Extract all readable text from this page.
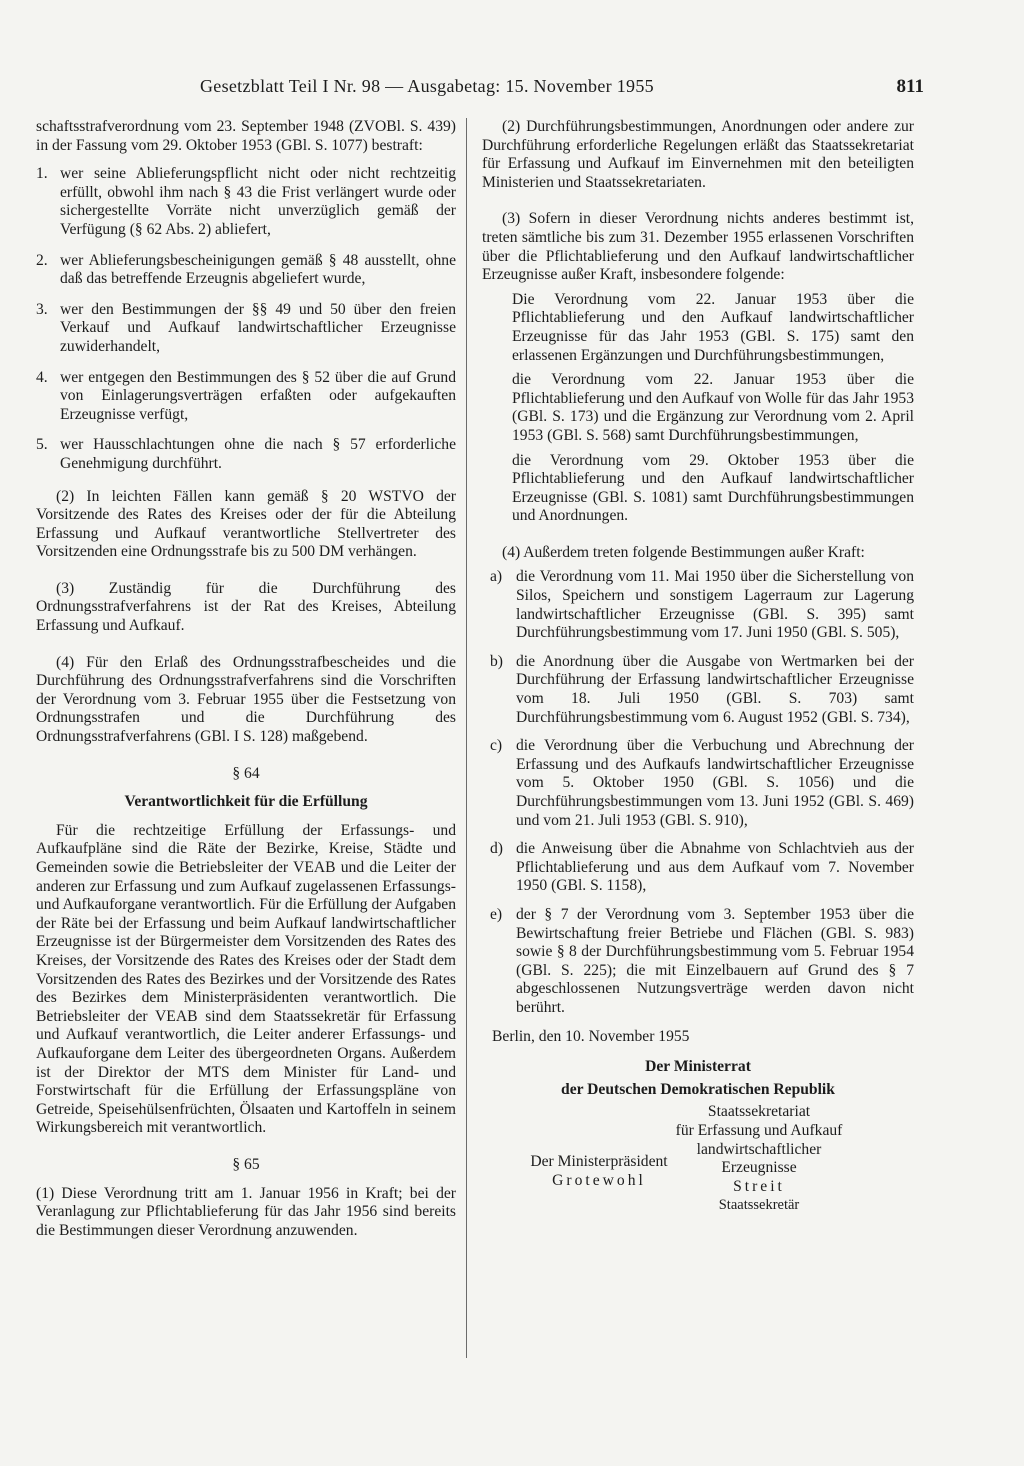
Gesetzblatt Teil I Nr. 98 — Ausgabetag: 15. November 1955	811

schaftsstrafverordnung vom 23. September 1948 (ZVOBl. S. 439) in der Fassung vom 29. Oktober 1953 (GBl. S. 1077) bestraft:

1. wer seine Ablieferungspflicht nicht oder nicht rechtzeitig erfüllt, obwohl ihm nach § 43 die Frist verlängert wurde oder sichergestellte Vorräte nicht unverzüglich gemäß der Verfügung (§ 62 Abs. 2) abliefert,
2. wer Ablieferungsbescheinigungen gemäß § 48 ausstellt, ohne daß das betreffende Erzeugnis abgeliefert wurde,
3. wer den Bestimmungen der §§ 49 und 50 über den freien Verkauf und Aufkauf landwirtschaftlicher Erzeugnisse zuwiderhandelt,
4. wer entgegen den Bestimmungen des § 52 über die auf Grund von Einlagerungsverträgen erfaßten oder aufgekauften Erzeugnisse verfügt,
5. wer Hausschlachtungen ohne die nach § 57 erforderliche Genehmigung durchführt.

(2) In leichten Fällen kann gemäß § 20 WSTVO der Vorsitzende des Rates des Kreises oder der für die Abteilung Erfassung und Aufkauf verantwortliche Stellvertreter des Vorsitzenden eine Ordnungsstrafe bis zu 500 DM verhängen.

(3) Zuständig für die Durchführung des Ordnungsstrafverfahrens ist der Rat des Kreises, Abteilung Erfassung und Aufkauf.

(4) Für den Erlaß des Ordnungsstrafbescheides und die Durchführung des Ordnungsstrafverfahrens sind die Vorschriften der Verordnung vom 3. Februar 1955 über die Festsetzung von Ordnungsstrafen und die Durchführung des Ordnungsstrafverfahrens (GBl. I S. 128) maßgebend.

§ 64
Verantwortlichkeit für die Erfüllung

Für die rechtzeitige Erfüllung der Erfassungs- und Aufkaufpläne sind die Räte der Bezirke, Kreise, Städte und Gemeinden sowie die Betriebsleiter der VEAB und die Leiter der anderen zur Erfassung und zum Aufkauf zugelassenen Erfassungs- und Aufkauforgane verantwortlich. Für die Erfüllung der Aufgaben der Räte bei der Erfassung und beim Aufkauf landwirtschaftlicher Erzeugnisse ist der Bürgermeister dem Vorsitzenden des Rates des Kreises, der Vorsitzende des Rates des Kreises oder der Stadt dem Vorsitzenden des Rates des Bezirkes und der Vorsitzende des Rates des Bezirkes dem Ministerpräsidenten verantwortlich. Die Betriebsleiter der VEAB sind dem Staatssekretär für Erfassung und Aufkauf verantwortlich, die Leiter anderer Erfassungs- und Aufkauforgane dem Leiter des übergeordneten Organs. Außerdem ist der Direktor der MTS dem Minister für Land- und Forstwirtschaft für die Erfüllung der Erfassungspläne von Getreide, Speisehülsenfrüchten, Ölsaaten und Kartoffeln in seinem Wirkungsbereich mit verantwortlich.

§ 65

(1) Diese Verordnung tritt am 1. Januar 1956 in Kraft; bei der Veranlagung zur Pflichtablieferung für das Jahr 1956 sind bereits die Bestimmungen dieser Verordnung anzuwenden.

(2) Durchführungsbestimmungen, Anordnungen oder andere zur Durchführung erforderliche Regelungen erläßt das Staatssekretariat für Erfassung und Aufkauf im Einvernehmen mit den beteiligten Ministerien und Staatssekretariaten.

(3) Sofern in dieser Verordnung nichts anderes bestimmt ist, treten sämtliche bis zum 31. Dezember 1955 erlassenen Vorschriften über die Pflichtablieferung und den Aufkauf landwirtschaftlicher Erzeugnisse außer Kraft, insbesondere folgende:

Die Verordnung vom 22. Januar 1953 über die Pflichtablieferung und den Aufkauf landwirtschaftlicher Erzeugnisse für das Jahr 1953 (GBl. S. 175) samt den erlassenen Ergänzungen und Durchführungsbestimmungen,

die Verordnung vom 22. Januar 1953 über die Pflichtablieferung und den Aufkauf von Wolle für das Jahr 1953 (GBl. S. 173) und die Ergänzung zur Verordnung vom 2. April 1953 (GBl. S. 568) samt Durchführungsbestimmungen,

die Verordnung vom 29. Oktober 1953 über die Pflichtablieferung und den Aufkauf landwirtschaftlicher Erzeugnisse (GBl. S. 1081) samt Durchführungsbestimmungen und Anordnungen.

(4) Außerdem treten folgende Bestimmungen außer Kraft:

a) die Verordnung vom 11. Mai 1950 über die Sicherstellung von Silos, Speichern und sonstigem Lagerraum zur Lagerung landwirtschaftlicher Erzeugnisse (GBl. S. 395) samt Durchführungsbestimmung vom 17. Juni 1950 (GBl. S. 505),
b) die Anordnung über die Ausgabe von Wertmarken bei der Durchführung der Erfassung landwirtschaftlicher Erzeugnisse vom 18. Juli 1950 (GBl. S. 703) samt Durchführungsbestimmung vom 6. August 1952 (GBl. S. 734),
c) die Verordnung über die Verbuchung und Abrechnung der Erfassung und des Aufkaufs landwirtschaftlicher Erzeugnisse vom 5. Oktober 1950 (GBl. S. 1056) und die Durchführungsbestimmungen vom 13. Juni 1952 (GBl. S. 469) und vom 21. Juli 1953 (GBl. S. 910),
d) die Anweisung über die Abnahme von Schlachtvieh aus der Pflichtablieferung und aus dem Aufkauf vom 7. November 1950 (GBl. S. 1158),
e) der § 7 der Verordnung vom 3. September 1953 über die Bewirtschaftung freier Betriebe und Flächen (GBl. S. 983) sowie § 8 der Durchführungsbestimmung vom 5. Februar 1954 (GBl. S. 225); die mit Einzelbauern auf Grund des § 7 abgeschlossenen Nutzungsverträge werden davon nicht berührt.

Berlin, den 10. November 1955

Der Ministerrat
der Deutschen Demokratischen Republik
Staatssekretariat
für Erfassung und Aufkauf
landwirtschaftlicher
Erzeugnisse
Streit
Staatssekretär
Der Ministerpräsident
Grotewohl
